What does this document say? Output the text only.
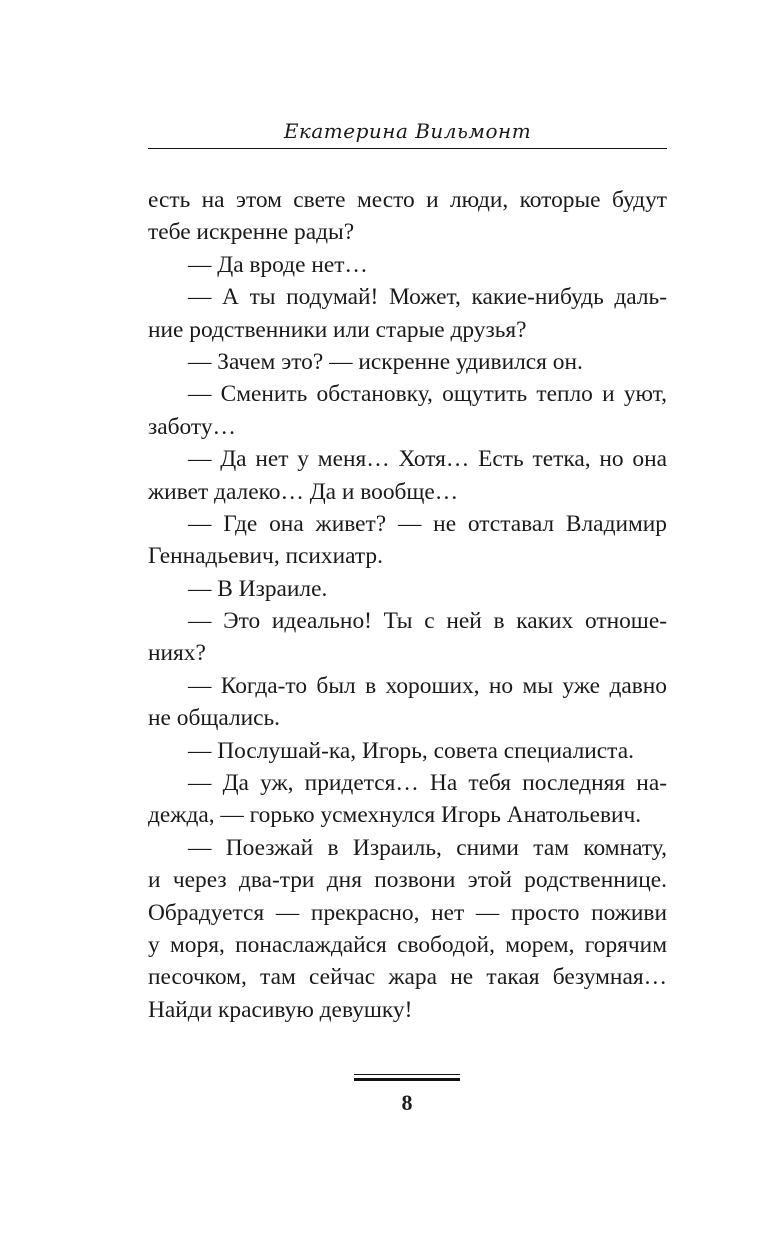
Екатерина Вильмонт
есть на этом свете место и люди, которые будут
тебе искренне рады?
— Да вроде нет…
— А ты подумай! Может, какие-нибудь даль-
ние родственники или старые друзья?
— Зачем это? — искренне удивился он.
— Сменить обстановку, ощутить тепло и уют,
заботу…
— Да нет у меня… Хотя… Есть тетка, но она
живет далеко… Да и вообще…
— Где она живет? — не отставал Владимир
Геннадьевич, психиатр.
— В Израиле.
— Это идеально! Ты с ней в каких отноше-
ниях?
— Когда-то был в хороших, но мы уже давно
не общались.
— Послушай-ка, Игорь, совета специалиста.
— Да уж, придется… На тебя последняя на-
дежда, — горько усмехнулся Игорь Анатольевич.
— Поезжай в Израиль, сними там комнату,
и через два-три дня позвони этой родственнице.
Обрадуется — прекрасно, нет — просто поживи
у моря, понаслаждайся свободой, морем, горячим
песочком, там сейчас жара не такая безумная…
Найди красивую девушку!
8
